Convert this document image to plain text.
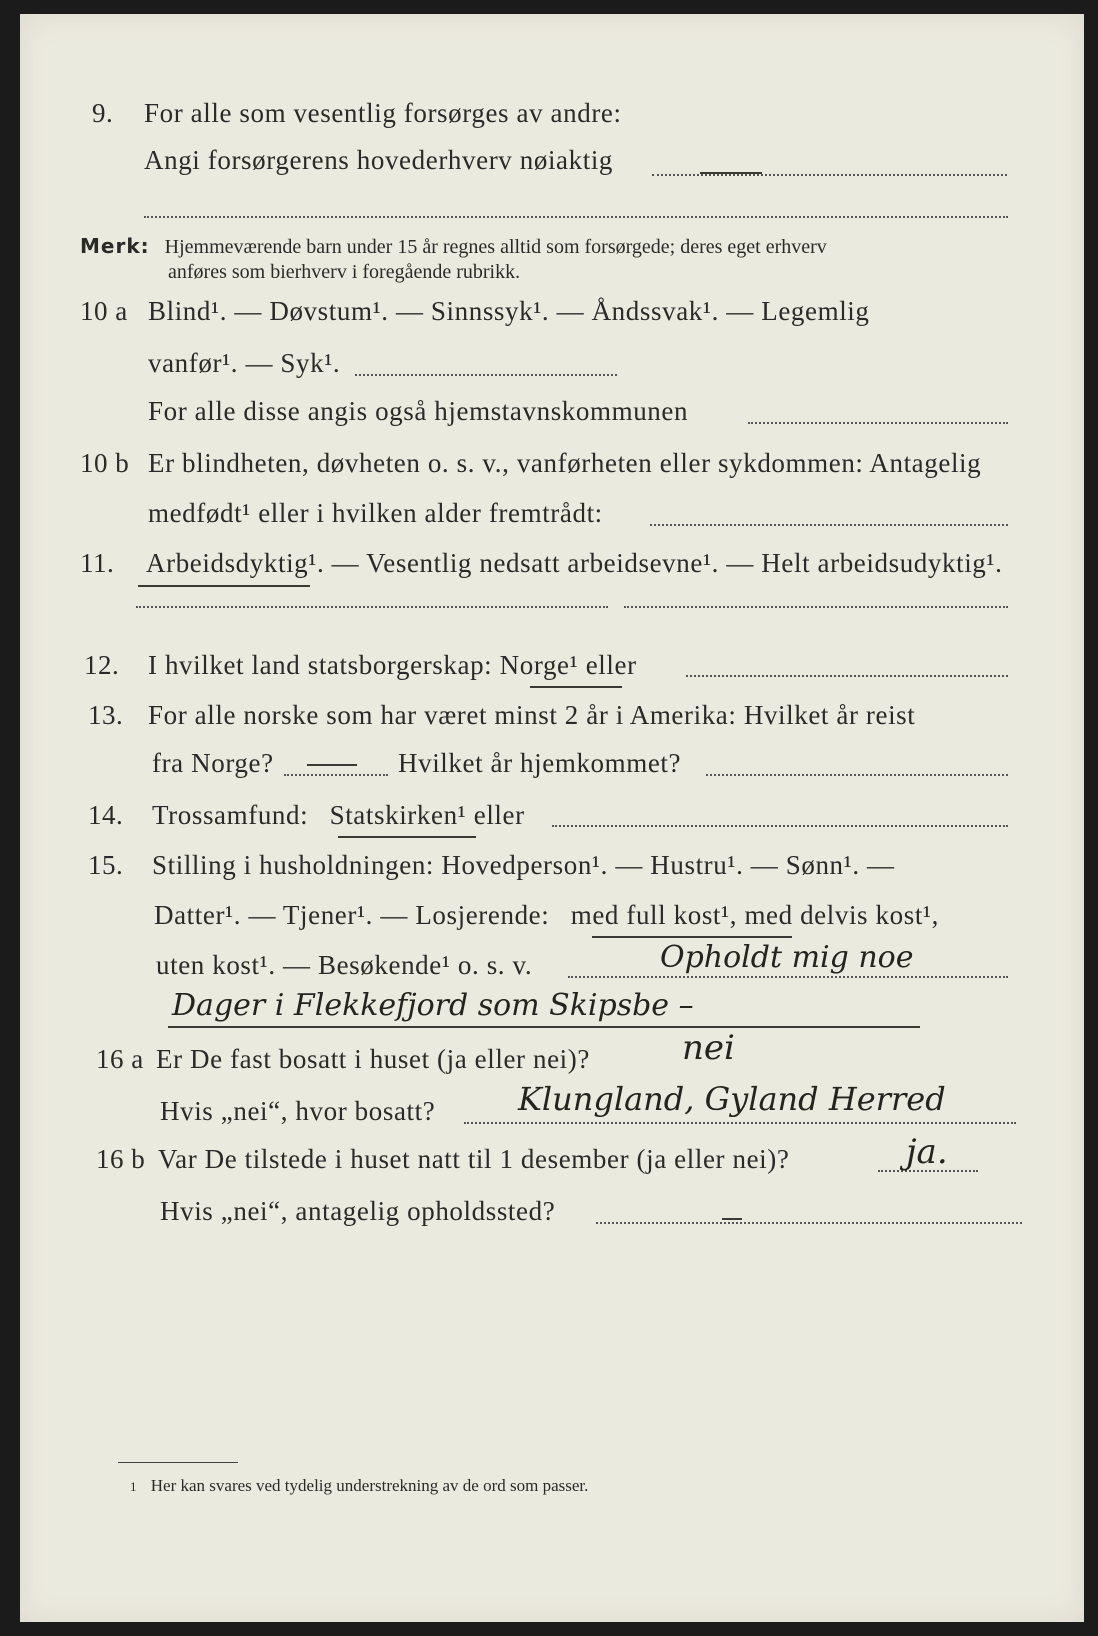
9. For alle som vesentlig forsørges av andre:
Angi forsørgerens hovederhverv nøiaktig
Merk: Hjemmeværende barn under 15 år regnes alltid som forsørgede; deres eget erhverv
anføres som bierhverv i foregående rubrikk.
10 a Blind¹. — Døvstum¹. — Sinnssyk¹. — Åndssvak¹. — Legemlig
vanfør¹. — Syk¹.
For alle disse angis også hjemstavnskommunen
10 b Er blindheten, døvheten o. s. v., vanførheten eller sykdommen: Antagelig
medfødt¹ eller i hvilken alder fremtrådt:
11. Arbeidsdyktig¹. — Vesentlig nedsatt arbeidsevne¹. — Helt arbeidsudyktig¹.
12. I hvilket land statsborgerskap: Norge¹ eller
13. For alle norske som har været minst 2 år i Amerika: Hvilket år reist
fra Norge?	Hvilket år hjemkommet?
14. Trossamfund: Statskirken¹ eller
15. Stilling i husholdningen: Hovedperson¹. — Hustru¹. — Sønn¹. —
Datter¹. — Tjener¹. — Losjerende: med full kost¹, med delvis kost¹,
uten kost¹. — Besøkende¹ o. s. v.	Opholdt mig noe
Dager i Flekkefjord som Skipsbe –
16 a Er De fast bosatt i huset (ja eller nei)?	nei
Hvis „nei“, hvor bosatt?	Klungland, Gyland Herred
16 b Var De tilstede i huset natt til 1 desember (ja eller nei)?	ja.
Hvis „nei“, antagelig opholdssted?
1 Her kan svares ved tydelig understrekning av de ord som passer.
